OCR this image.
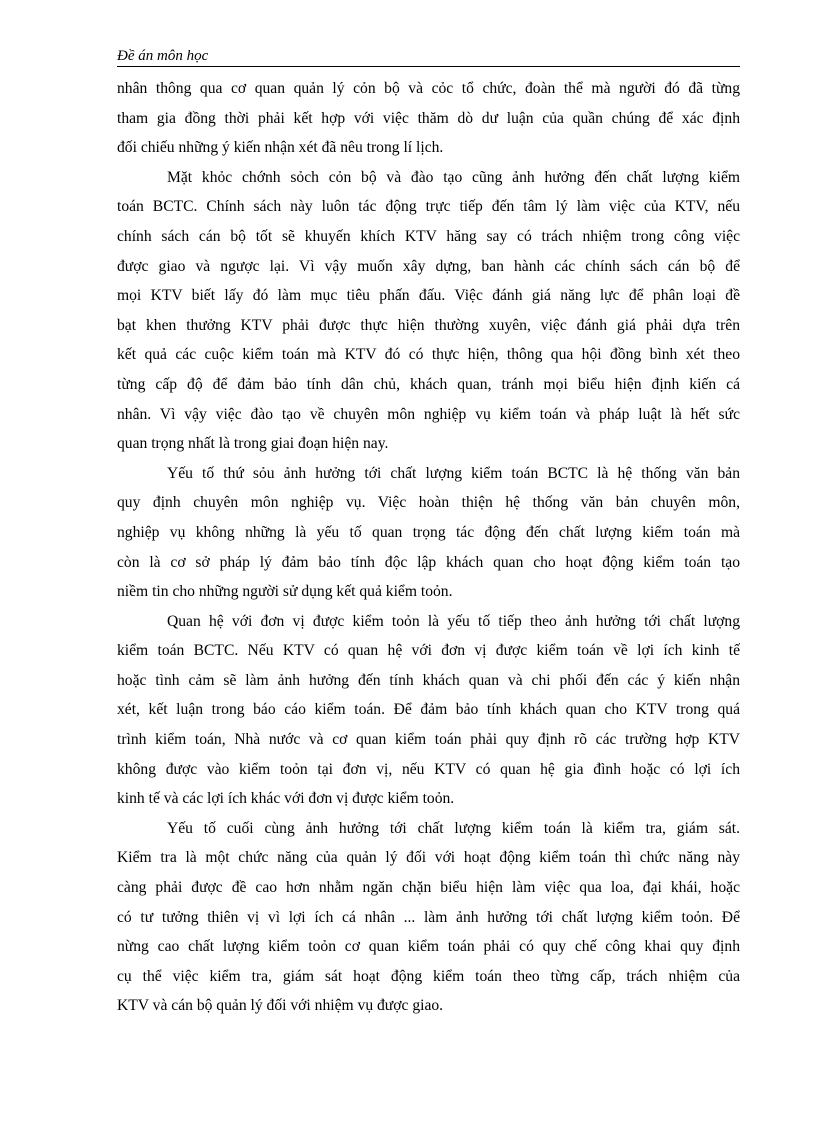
Đề án môn học
nhân thông qua cơ quan quản lý cỏn bộ và cỏc tổ chức, đoàn thể mà người đó đã từng
tham gia đồng thời phải kết hợp với việc thăm dò dư luận của quần chúng để xác định
đối chiếu những ý kiến nhận xét đã nêu trong lí lịch.
Mặt khỏc chớnh sỏch cỏn bộ và đào tạo cũng ảnh hưởng đến chất lượng kiểm
toán BCTC. Chính sách này luôn tác động trực tiếp đến tâm lý làm việc của KTV, nếu
chính sách cán bộ tốt sẽ khuyến khích KTV hăng say có trách nhiệm trong công việc
được giao và ngược lại. Vì vậy muốn xây dựng, ban hành các chính sách cán bộ để
mọi KTV biết lấy đó làm mục tiêu phấn đấu. Việc đánh giá năng lực để phân loại đề
bạt khen thưởng KTV phải được thực hiện thường xuyên, việc đánh giá phải dựa trên
kết quả các cuộc kiểm toán mà KTV đó có thực hiện, thông qua hội đồng bình xét theo
từng cấp độ để đảm bảo tính dân chủ, khách quan, tránh mọi biểu hiện định kiến cá
nhân. Vì vậy việc đào tạo về chuyên môn nghiệp vụ kiểm toán và pháp luật là hết sức
quan trọng nhất là trong giai đoạn hiện nay.
Yếu tố thứ sỏu ảnh hưởng tới chất lượng kiểm toán BCTC là hệ thống văn bản
quy định chuyên môn nghiệp vụ. Việc hoàn thiện hệ thống văn bản chuyên môn,
nghiệp vụ không những là yếu tố quan trọng tác động đến chất lượng kiểm toán mà
còn là cơ sở pháp lý đảm bảo tính độc lập khách quan cho hoạt động kiểm toán tạo
niềm tin cho những người sử dụng kết quả kiểm toỏn.
Quan hệ với đơn vị được kiểm toỏn là yếu tố tiếp theo ảnh hưởng tới chất lượng
kiểm toán BCTC. Nếu KTV có quan hệ với đơn vị được kiểm toán về lợi ích kinh tế
hoặc tình cảm sẽ làm ảnh hưởng đến tính khách quan và chi phối đến các ý kiến nhận
xét, kết luận trong báo cáo kiểm toán. Để đảm bảo tính khách quan cho KTV trong quá
trình kiểm toán, Nhà nước và cơ quan kiểm toán phải quy định rõ các trường hợp KTV
không được vào kiểm toỏn tại đơn vị, nếu KTV có quan hệ gia đình hoặc có lợi ích
kinh tế và các lợi ích khác với đơn vị được kiểm toỏn.
Yếu tố cuối cùng ảnh hưởng tới chất lượng kiểm toán là kiểm tra, giám sát.
Kiểm tra là một chức năng của quản lý đối với hoạt động kiểm toán thì chức năng này
càng phải được đề cao hơn nhằm ngăn chặn biểu hiện làm việc qua loa, đại khái, hoặc
có tư tưởng thiên vị vì lợi ích cá nhân ... làm ảnh hưởng tới chất lượng kiểm toỏn. Để
nừng cao chất lượng kiểm toỏn cơ quan kiểm toán phải có quy chế công khai quy định
cụ thể việc kiểm tra, giám sát hoạt động kiểm toán theo từng cấp, trách nhiệm của
KTV và cán bộ quản lý đối với nhiệm vụ được giao.
